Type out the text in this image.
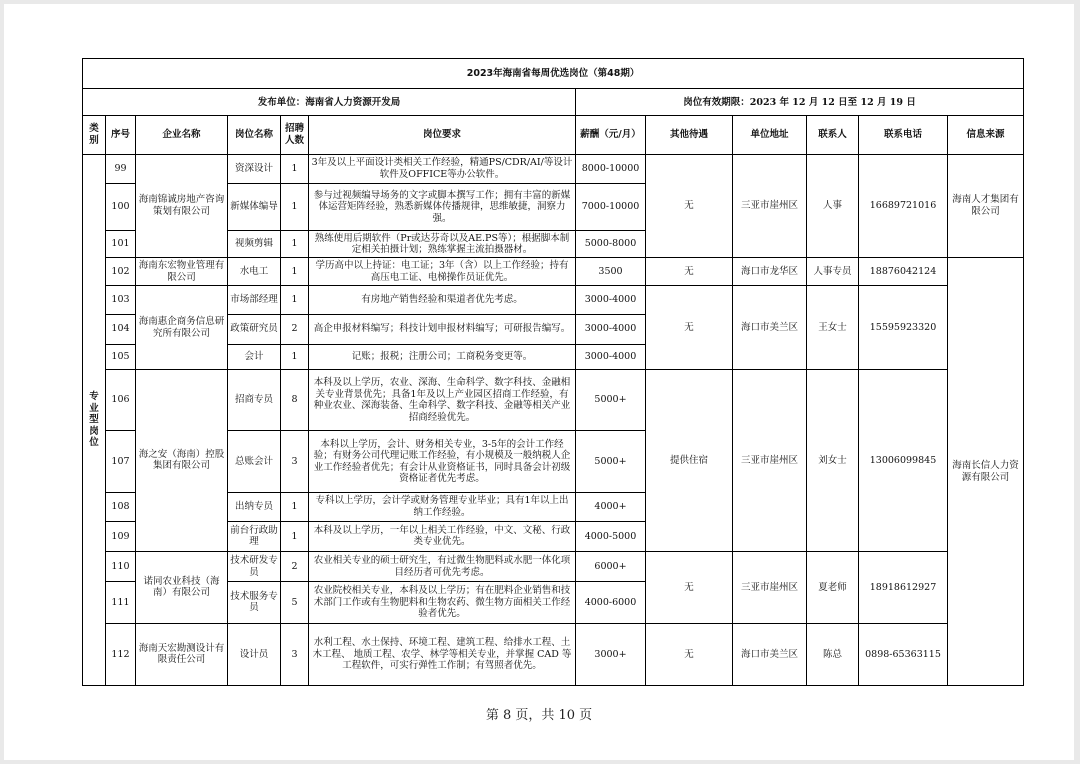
2023年海南省每周优选岗位（第48期）												
发布单位：海南省人力资源开发局						岗位有效期限：2023 年 12 月 12 日至 12 月 19 日						
类别	序号	企业名称	岗位名称	招聘人数	岗位要求	薪酬（元/月）	其他待遇	单位地址	联系人	联系电话	信息来源	
专业型岗位	99	海南锦诚房地产咨询策划有限公司	资深设计	1	3年及以上平面设计类相关工作经验，精通PS/CDR/AI/等设计软件及OFFICE等办公软件。	8000-10000	无	三亚市崖州区	人事	16689721016	海南人才集团有限公司	
	100		新媒体编导	1	参与过视频编导场务的文字或脚本撰写工作；拥有丰富的新媒体运营矩阵经验，熟悉新媒体传播规律，思维敏捷，洞察力强。	7000-10000						
	101		视频剪辑	1	熟练使用后期软件（Pr或达芬奇以及AE.PS等）；根据脚本制定相关拍摄计划；熟练掌握主流拍摄器材。	5000-8000						
	102	海南东宏物业管理有限公司	水电工	1	学历高中以上持证：电工证；3年（含）以上工作经验；持有高压电工证、电梯操作员证优先。	3500	无	海口市龙华区	人事专员	18876042124	海南长信人力资源有限公司	
	103	海南惠企商务信息研究所有限公司	市场部经理	1	有房地产销售经验和渠道者优先考虑。	3000-4000	无	海口市美兰区	王女士	15595923320		
	104		政策研究员	2	高企申报材料编写；科技计划申报材料编写；可研报告编写。	3000-4000						
	105		会计	1	记账；报税；注册公司；工商税务变更等。	3000-4000						
	106	海之安（海南）控股集团有限公司	招商专员	8	本科及以上学历，农业、深海、生命科学、数字科技、金融相关专业背景优先；具备1年及以上产业园区招商工作经验，有种业农业、深海装备、生命科学、数字科技、金融等相关产业招商经验优先。	5000+	提供住宿	三亚市崖州区	刘女士	13006099845		
	107		总账会计	3	本科以上学历，会计、财务相关专业，3-5年的会计工作经验；有财务公司代理记账工作经验，有小规模及一般纳税人企业工作经验者优先；有会计从业资格证书，同时具备会计初级资格证者优先考虑。	5000+						
	108		出纳专员	1	专科以上学历，会计学或财务管理专业毕业；具有1年以上出纳工作经验。	4000+						
	109		前台行政助理	1	本科及以上学历，一年以上相关工作经验，中文、文秘、行政类专业优先。	4000-5000						
	110	诺同农业科技（海南）有限公司	技术研发专员	2	农业相关专业的硕士研究生，有过微生物肥料或水肥一体化项目经历者可优先考虑。	6000+	无	三亚市崖州区	夏老师	18918612927		
	111		技术服务专员	5	农业院校相关专业，本科及以上学历；有在肥料企业销售和技术部门工作或有生物肥料和生物农药、微生物方面相关工作经验者优先。	4000-6000						
	112	海南天宏勘测设计有限责任公司	设计员	3	水利工程、水土保持、环境工程、建筑工程、给排水工程、土木工程、 地质工程、农学、林学等相关专业，并掌握 CAD 等工程软件，可实行弹性工作制；有驾照者优先。	3000+	无	海口市美兰区	陈总	0898-65363115		
第 8 页，共 10 页
